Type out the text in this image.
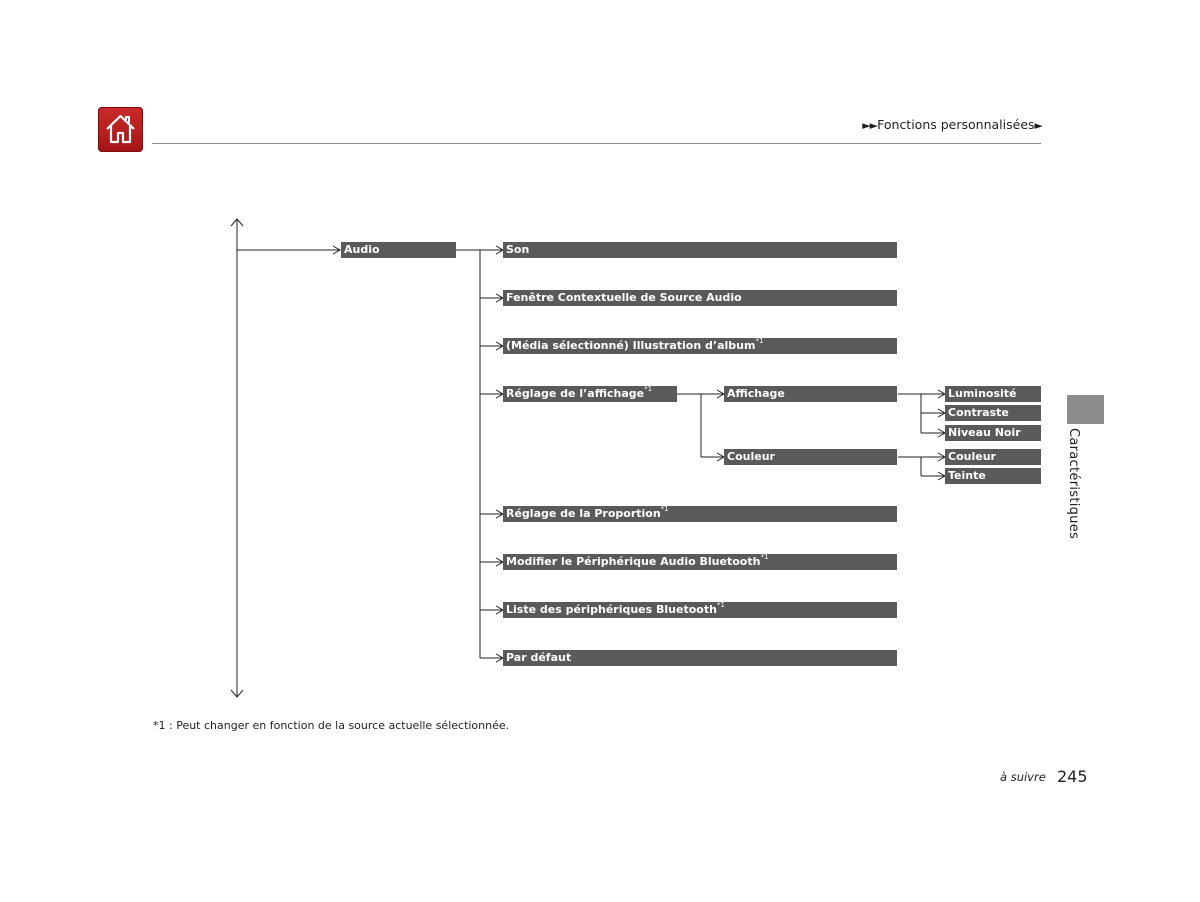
►►Fonctions personnalisées►
Caractéristiques
Audio	Son
Fenêtre Contextuelle de Source Audio
(Média sélectionné) Illustration d’album$^{*1}$
Réglage de l’affichage$^{*1}$
Réglage de la Proportion$^{*1}$
Modifier le Périphérique Audio Bluetooth$^{*1}$
Liste des périphériques Bluetooth$^{*1}$
Par défaut
Affichage
Couleur
Luminosité
Contraste
Niveau Noir
Couleur
Teinte
*1 : Peut changer en fonction de la source actuelle sélectionnée.
à suivre 245
